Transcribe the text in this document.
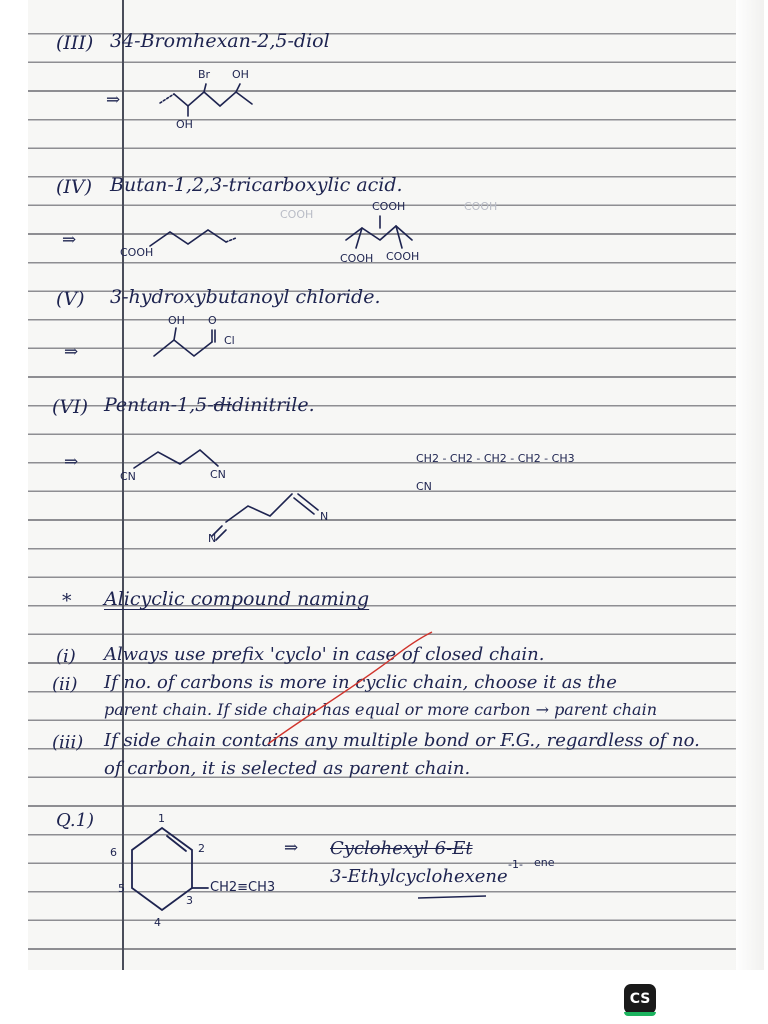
(III) 34-Bromhexan-2,5-diol
⇒
Br OH
OH
(IV) Butan-1,2,3-tricarboxylic acid.
⇒
COOH
COOH
COOH COOH
COOH
COOH
(V) 3-hydroxybutanoyl chloride.
⇒
OH O
Cl
(VI) Pentan-1,5-didinitrile.
⇒
CN	CN
CH2 - CH2 - CH2 - CH2 - CH3
CN
N
N
* Alicyclic compound naming
(i) Always use prefix 'cyclo' in case of closed chain.
(ii) If no. of carbons is more in cyclic chain, choose it as the
parent chain. If side chain has equal or more carbon → parent chain
(iii) If side chain contains any multiple bond or F.G., regardless of no.
of carbon, it is selected as parent chain.
Q.1)	1
2
3
4
5
6
CH2≡CH3
⇒ Cyclohexyl 6-Et
3-Ethylcyclohexene
-1- ene
CS
